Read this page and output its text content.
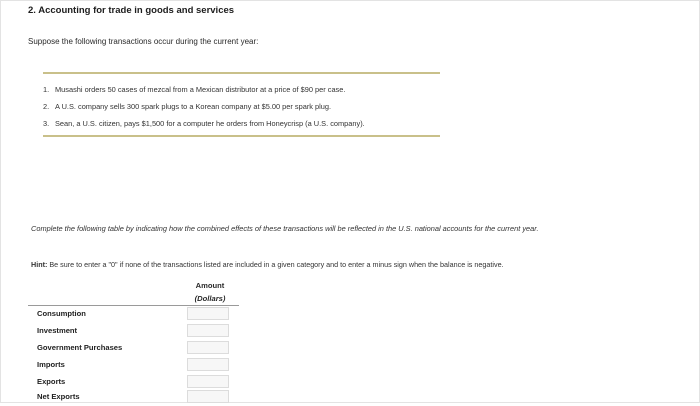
2. Accounting for trade in goods and services
Suppose the following transactions occur during the current year:
1. Musashi orders 50 cases of mezcal from a Mexican distributor at a price of $90 per case.
2. A U.S. company sells 300 spark plugs to a Korean company at $5.00 per spark plug.
3. Sean, a U.S. citizen, pays $1,500 for a computer he orders from Honeycrisp (a U.S. company).
Complete the following table by indicating how the combined effects of these transactions will be reflected in the U.S. national accounts for the current year.
Hint: Be sure to enter a "0" if none of the transactions listed are included in a given category and to enter a minus sign when the balance is negative.
Amount
(Dollars)
Consumption
Investment
Government Purchases
Imports
Exports
Net Exports
